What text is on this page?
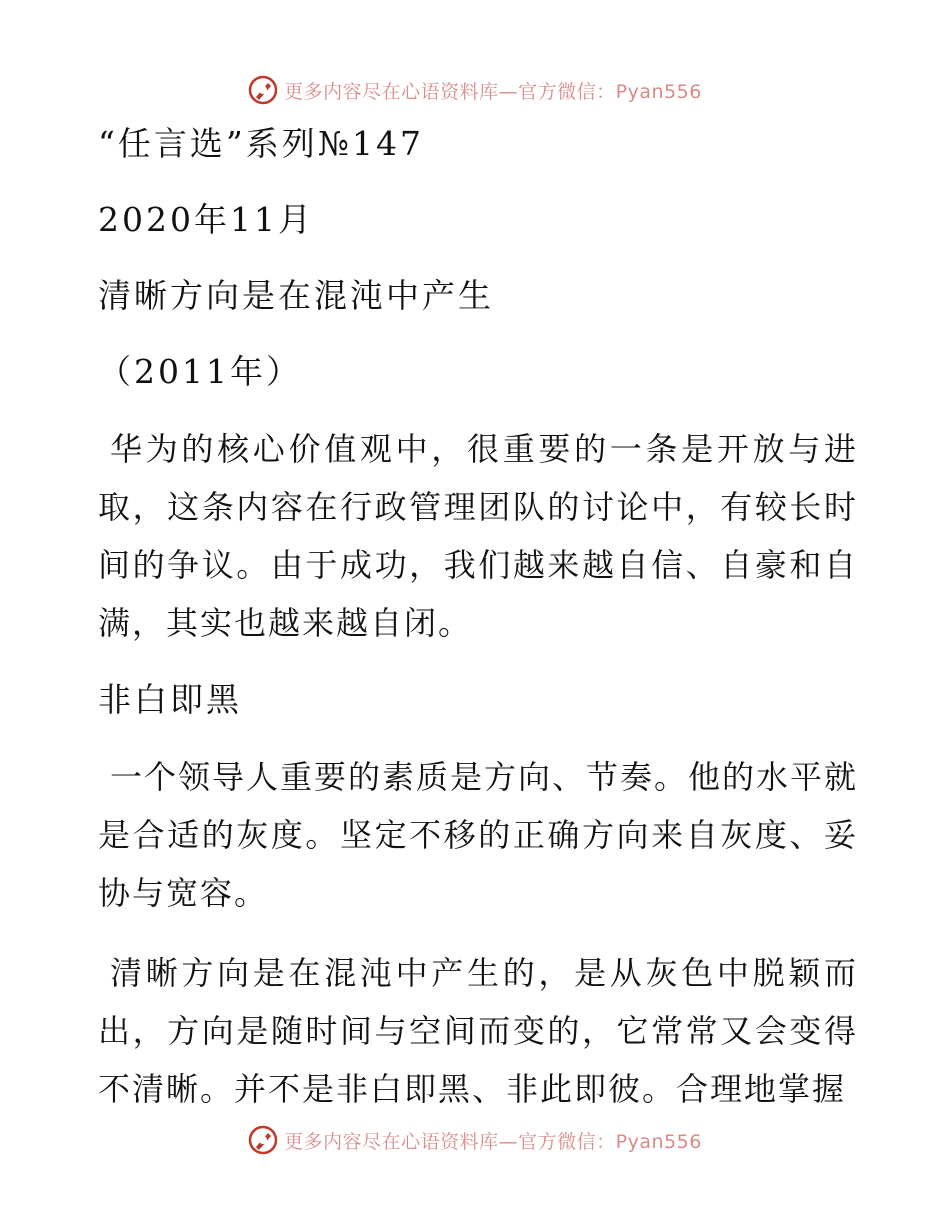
更多内容尽在心语资料库—官方微信：Pyan556

“任言选”系列№147

2020年11月

清晰方向是在混沌中产生

（2011年）

华为的核心价值观中，很重要的一条是开放与进取，这条内容在行政管理团队的讨论中，有较长时间的争议。由于成功，我们越来越自信、自豪和自满，其实也越来越自闭。

非白即黑

一个领导人重要的素质是方向、节奏。他的水平就是合适的灰度。坚定不移的正确方向来自灰度、妥协与宽容。

清晰方向是在混沌中产生的，是从灰色中脱颖而出，方向是随时间与空间而变的，它常常又会变得不清晰。并不是非白即黑、非此即彼。合理地掌握

更多内容尽在心语资料库—官方微信：Pyan556
